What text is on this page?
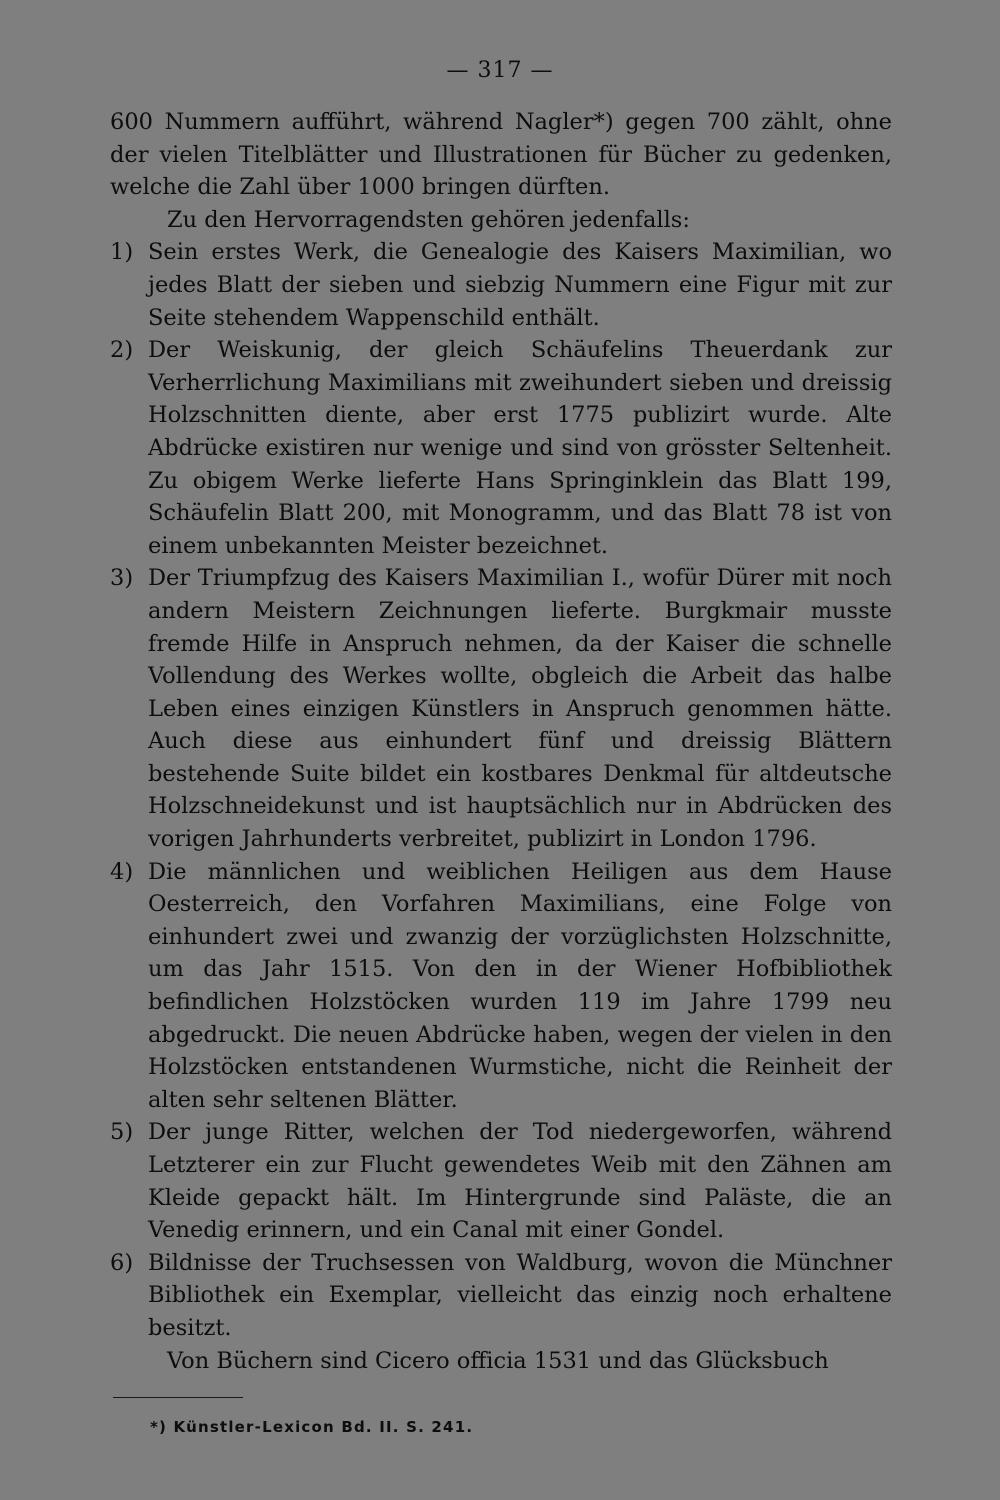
— 317 —

600 Nummern aufführt, während Nagler*) gegen 700 zählt, ohne der vielen Titelblätter und Illustrationen für Bücher zu gedenken, welche die Zahl über 1000 bringen dürften.

Zu den Hervorragendsten gehören jedenfalls:

1) Sein erstes Werk, die Genealogie des Kaisers Maximilian, wo jedes Blatt der sieben und siebzig Nummern eine Figur mit zur Seite stehendem Wappenschild enthält.
2) Der Weiskunig, der gleich Schäufelins Theuerdank zur Verherrlichung Maximilians mit zweihundert sieben und dreissig Holzschnitten diente, aber erst 1775 publizirt wurde. Alte Abdrücke existiren nur wenige und sind von grösster Seltenheit. Zu obigem Werke lieferte Hans Springinklein das Blatt 199, Schäufelin Blatt 200, mit Monogramm, und das Blatt 78 ist von einem unbekannten Meister bezeichnet.
3) Der Triumpfzug des Kaisers Maximilian I., wofür Dürer mit noch andern Meistern Zeichnungen lieferte. Burgkmair musste fremde Hilfe in Anspruch nehmen, da der Kaiser die schnelle Vollendung des Werkes wollte, obgleich die Arbeit das halbe Leben eines einzigen Künstlers in Anspruch genommen hätte. Auch diese aus einhundert fünf und dreissig Blättern bestehende Suite bildet ein kostbares Denkmal für altdeutsche Holzschneidekunst und ist hauptsächlich nur in Abdrücken des vorigen Jahrhunderts verbreitet, publizirt in London 1796.
4) Die männlichen und weiblichen Heiligen aus dem Hause Oesterreich, den Vorfahren Maximilians, eine Folge von einhundert zwei und zwanzig der vorzüglichsten Holzschnitte, um das Jahr 1515. Von den in der Wiener Hofbibliothek befindlichen Holzstöcken wurden 119 im Jahre 1799 neu abgedruckt. Die neuen Abdrücke haben, wegen der vielen in den Holzstöcken entstandenen Wurmstiche, nicht die Reinheit der alten sehr seltenen Blätter.
5) Der junge Ritter, welchen der Tod niedergeworfen, während Letzterer ein zur Flucht gewendetes Weib mit den Zähnen am Kleide gepackt hält. Im Hintergrunde sind Paläste, die an Venedig erinnern, und ein Canal mit einer Gondel.
6) Bildnisse der Truchsessen von Waldburg, wovon die Münchner Bibliothek ein Exemplar, vielleicht das einzig noch erhaltene besitzt.

Von Büchern sind Cicero officia 1531 und das Glücksbuch

*) Künstler-Lexicon Bd. II. S. 241.
